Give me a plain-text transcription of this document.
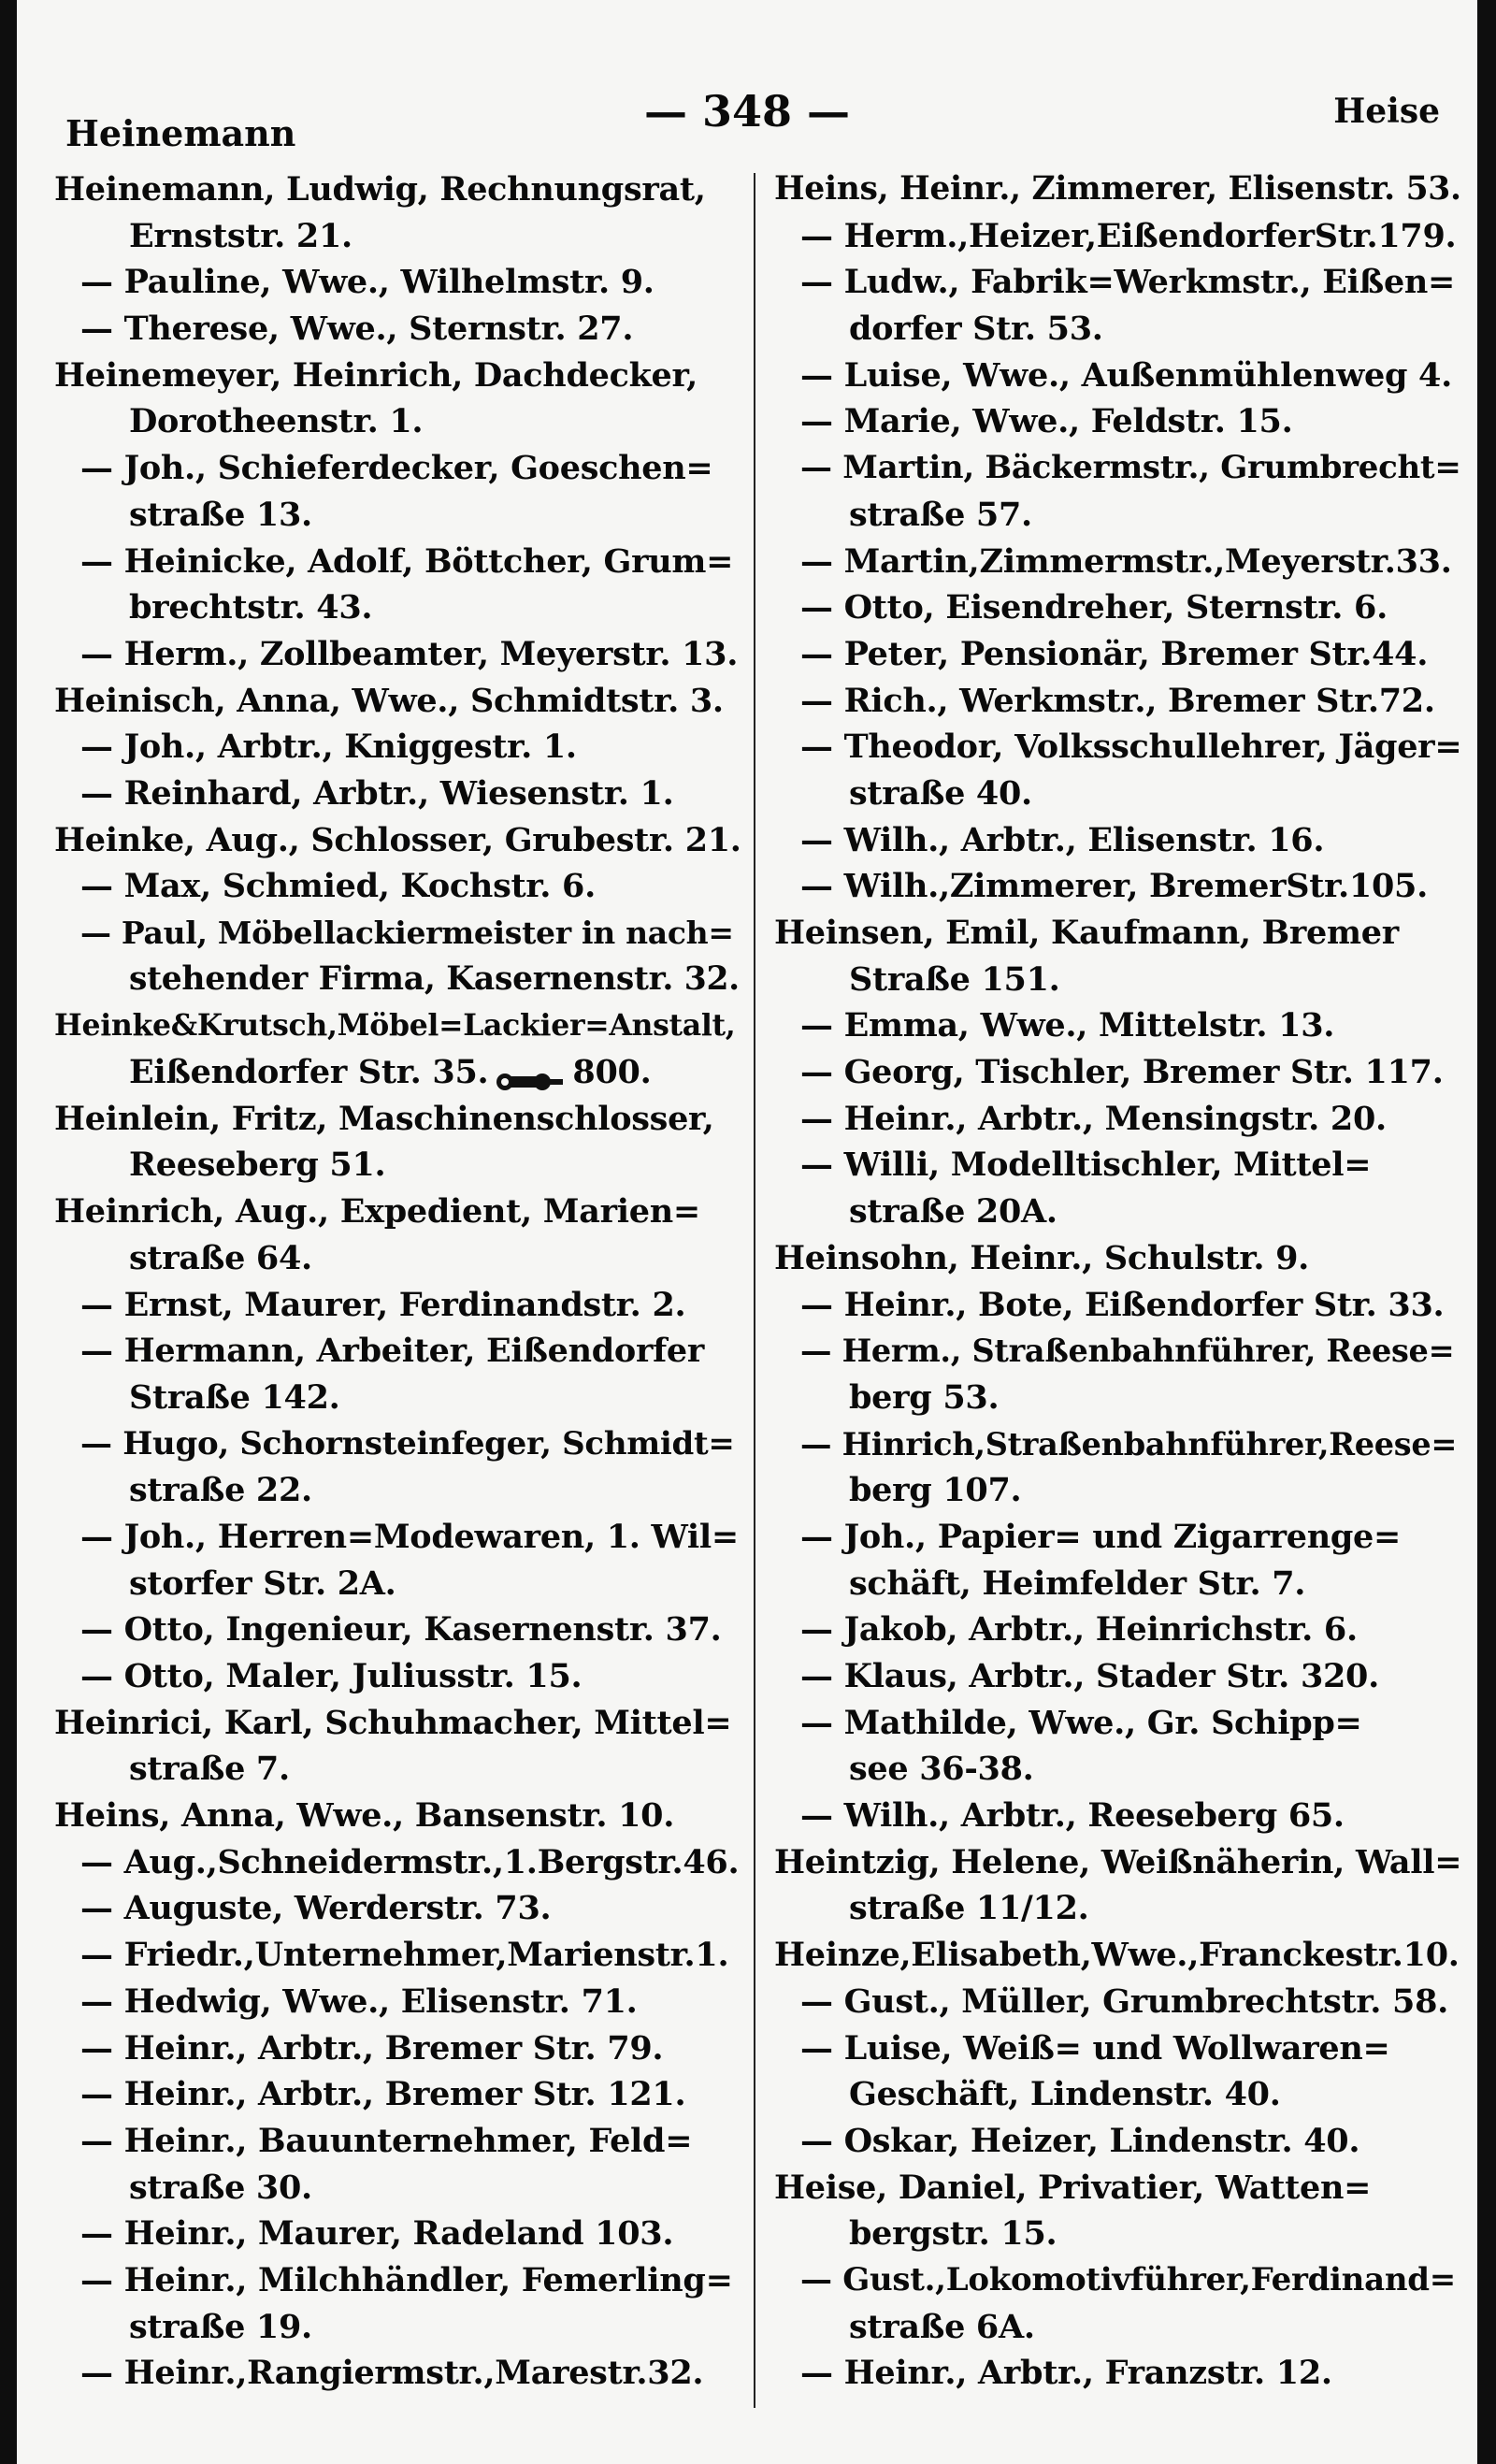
Heinemann	— 348 —	Heise
Heinemann, Ludwig, Rechnungsrat,
Ernststr. 21.
— Pauline, Wwe., Wilhelmstr. 9.
— Therese, Wwe., Sternstr. 27.
Heinemeyer, Heinrich, Dachdecker,
Dorotheenstr. 1.
— Joh., Schieferdecker, Goeschen=
straße 13.
— Heinicke, Adolf, Böttcher, Grum=
brechtstr. 43.
— Herm., Zollbeamter, Meyerstr. 13.
Heinisch, Anna, Wwe., Schmidtstr. 3.
— Joh., Arbtr., Kniggestr. 1.
— Reinhard, Arbtr., Wiesenstr. 1.
Heinke, Aug., Schlosser, Grubestr. 21.
— Max, Schmied, Kochstr. 6.
— Paul, Möbellackiermeister in nach=
stehender Firma, Kasernenstr. 32.
Heinke&Krutsch,Möbel=Lackier=Anstalt,
Eißendorfer Str. 35.	800.
Heinlein, Fritz, Maschinenschlosser,
Reeseberg 51.
Heinrich, Aug., Expedient, Marien=
straße 64.
— Ernst, Maurer, Ferdinandstr. 2.
— Hermann, Arbeiter, Eißendorfer
Straße 142.
— Hugo, Schornsteinfeger, Schmidt=
straße 22.
— Joh., Herren=Modewaren, 1. Wil=
storfer Str. 2A.
— Otto, Ingenieur, Kasernenstr. 37.
— Otto, Maler, Juliusstr. 15.
Heinrici, Karl, Schuhmacher, Mittel=
straße 7.
Heins, Anna, Wwe., Bansenstr. 10.
— Aug.,Schneidermstr.,1.Bergstr.46.
— Auguste, Werderstr. 73.
— Friedr.,Unternehmer,Marienstr.1.
— Hedwig, Wwe., Elisenstr. 71.
— Heinr., Arbtr., Bremer Str. 79.
— Heinr., Arbtr., Bremer Str. 121.
— Heinr., Bauunternehmer, Feld=
straße 30.
— Heinr., Maurer, Radeland 103.
— Heinr., Milchhändler, Femerling=
straße 19.
— Heinr.,Rangiermstr.,Marestr.32.
Heins, Heinr., Zimmerer, Elisenstr. 53.
— Herm.,Heizer,EißendorferStr.179.
— Ludw., Fabrik=Werkmstr., Eißen=
dorfer Str. 53.
— Luise, Wwe., Außenmühlenweg 4.
— Marie, Wwe., Feldstr. 15.
— Martin, Bäckermstr., Grumbrecht=
straße 57.
— Martin,Zimmermstr.,Meyerstr.33.
— Otto, Eisendreher, Sternstr. 6.
— Peter, Pensionär, Bremer Str.44.
— Rich., Werkmstr., Bremer Str.72.
— Theodor, Volksschullehrer, Jäger=
straße 40.
— Wilh., Arbtr., Elisenstr. 16.
— Wilh.,Zimmerer, BremerStr.105.
Heinsen, Emil, Kaufmann, Bremer
Straße 151.
— Emma, Wwe., Mittelstr. 13.
— Georg, Tischler, Bremer Str. 117.
— Heinr., Arbtr., Mensingstr. 20.
— Willi, Modelltischler, Mittel=
straße 20A.
Heinsohn, Heinr., Schulstr. 9.
— Heinr., Bote, Eißendorfer Str. 33.
— Herm., Straßenbahnführer, Reese=
berg 53.
— Hinrich,Straßenbahnführer,Reese=
berg 107.
— Joh., Papier= und Zigarrenge=
schäft, Heimfelder Str. 7.
— Jakob, Arbtr., Heinrichstr. 6.
— Klaus, Arbtr., Stader Str. 320.
— Mathilde, Wwe., Gr. Schipp=
see 36-38.
— Wilh., Arbtr., Reeseberg 65.
Heintzig, Helene, Weißnäherin, Wall=
straße 11/12.
Heinze,Elisabeth,Wwe.,Franckestr.10.
— Gust., Müller, Grumbrechtstr. 58.
— Luise, Weiß= und Wollwaren=
Geschäft, Lindenstr. 40.
— Oskar, Heizer, Lindenstr. 40.
Heise, Daniel, Privatier, Watten=
bergstr. 15.
— Gust.,Lokomotivführer,Ferdinand=
straße 6A.
— Heinr., Arbtr., Franzstr. 12.
